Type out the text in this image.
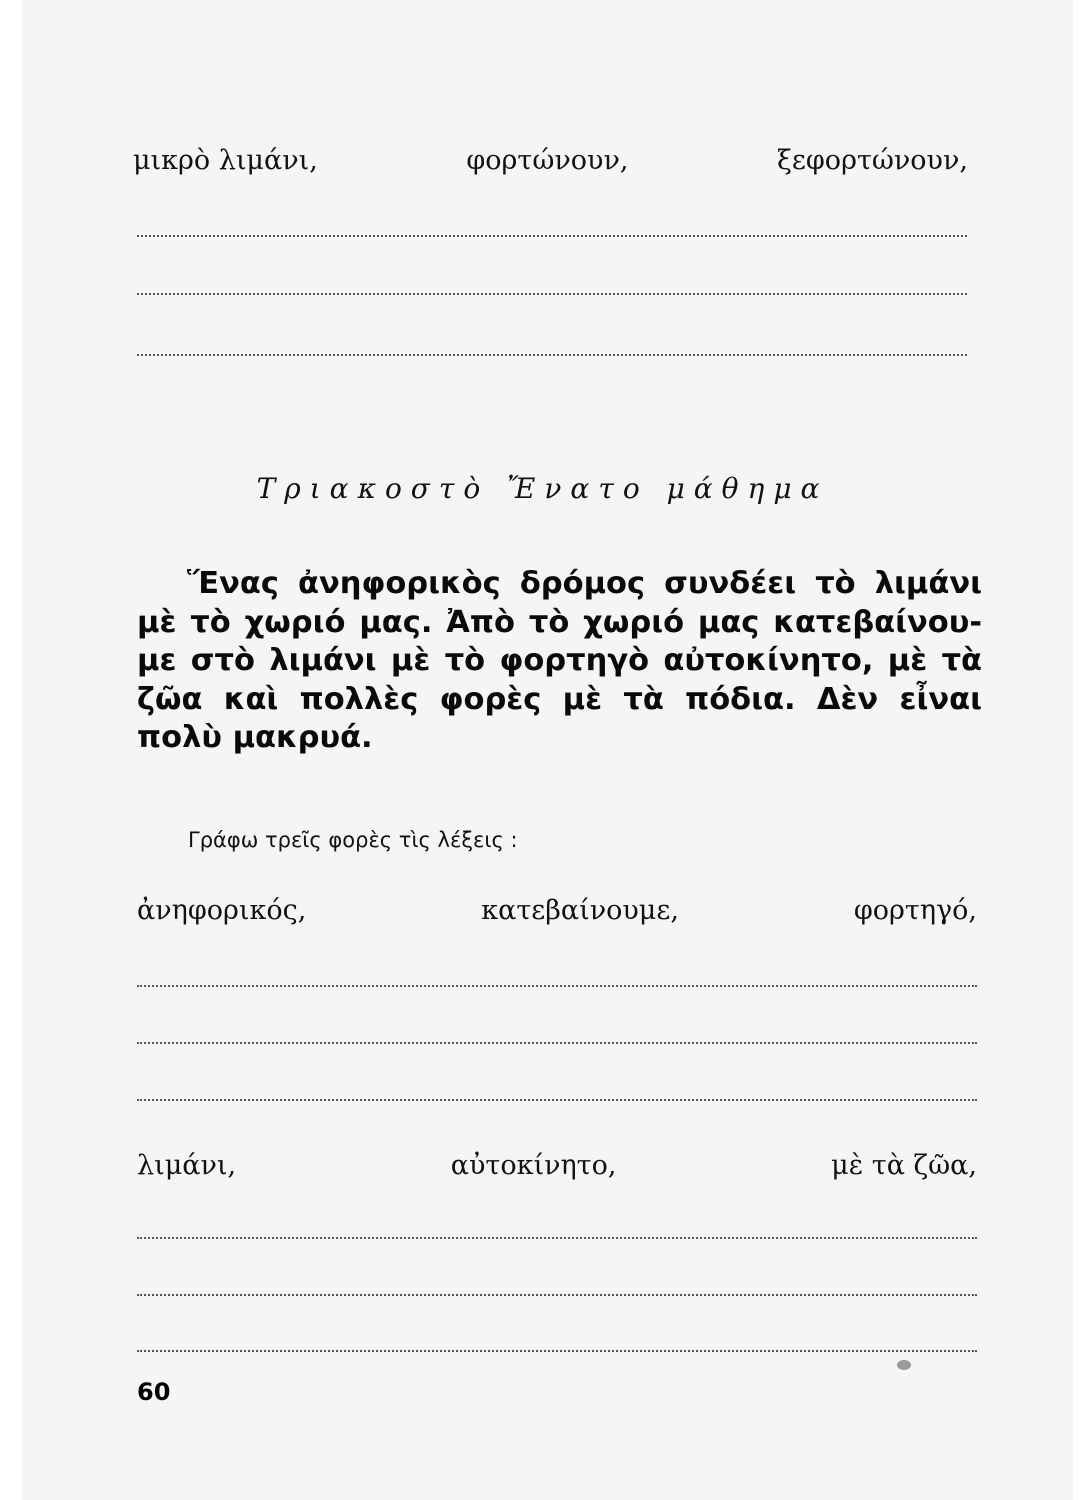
μικρὸ λιμάνι,	φορτώνουν,	ξεφορτώνουν,
Τριακοστὸ Ἔνατο μάθημα
Ἕνας ἀνηφορικὸς δρόμος συνδέει τὸ λιμάνι
μὲ τὸ χωριό μας. Ἀπὸ τὸ χωριό μας κατεβαίνου-
με στὸ λιμάνι μὲ τὸ φορτηγὸ αὐτοκίνητο, μὲ τὰ
ζῶα καὶ πολλὲς φορὲς μὲ τὰ πόδια. Δὲν εἶναι
πολὺ μακρυά.
Γράφω τρεῖς φορὲς τὶς λέξεις :
ἀνηφορικός,	κατεβαίνουμε,	φορτηγό,
λιμάνι,	αὐτοκίνητο,	μὲ τὰ ζῶα,
60
